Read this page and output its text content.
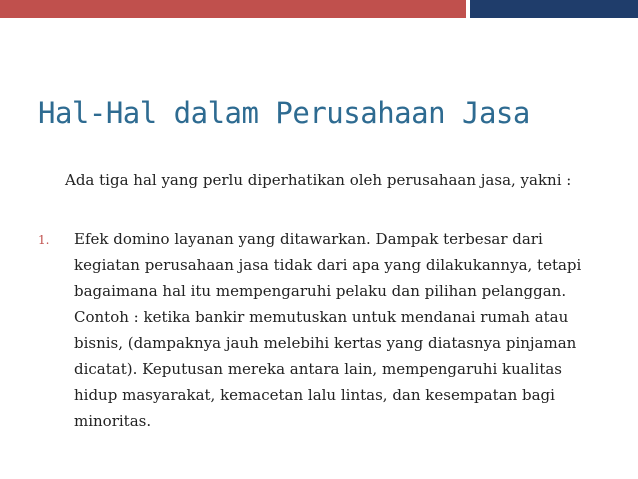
Hal-Hal dalam Perusahaan Jasa

Ada tiga hal yang perlu diperhatikan oleh perusahaan jasa, yakni :

1. Efek domino layanan yang ditawarkan. Dampak terbesar dari
kegiatan perusahaan jasa tidak dari apa yang dilakukannya, tetapi
bagaimana hal itu mempengaruhi pelaku dan pilihan pelanggan.
Contoh : ketika bankir memutuskan untuk mendanai rumah atau
bisnis, (dampaknya jauh melebihi kertas yang diatasnya pinjaman
dicatat). Keputusan mereka antara lain, mempengaruhi kualitas
hidup masyarakat, kemacetan lalu lintas, dan kesempatan bagi
minoritas.
